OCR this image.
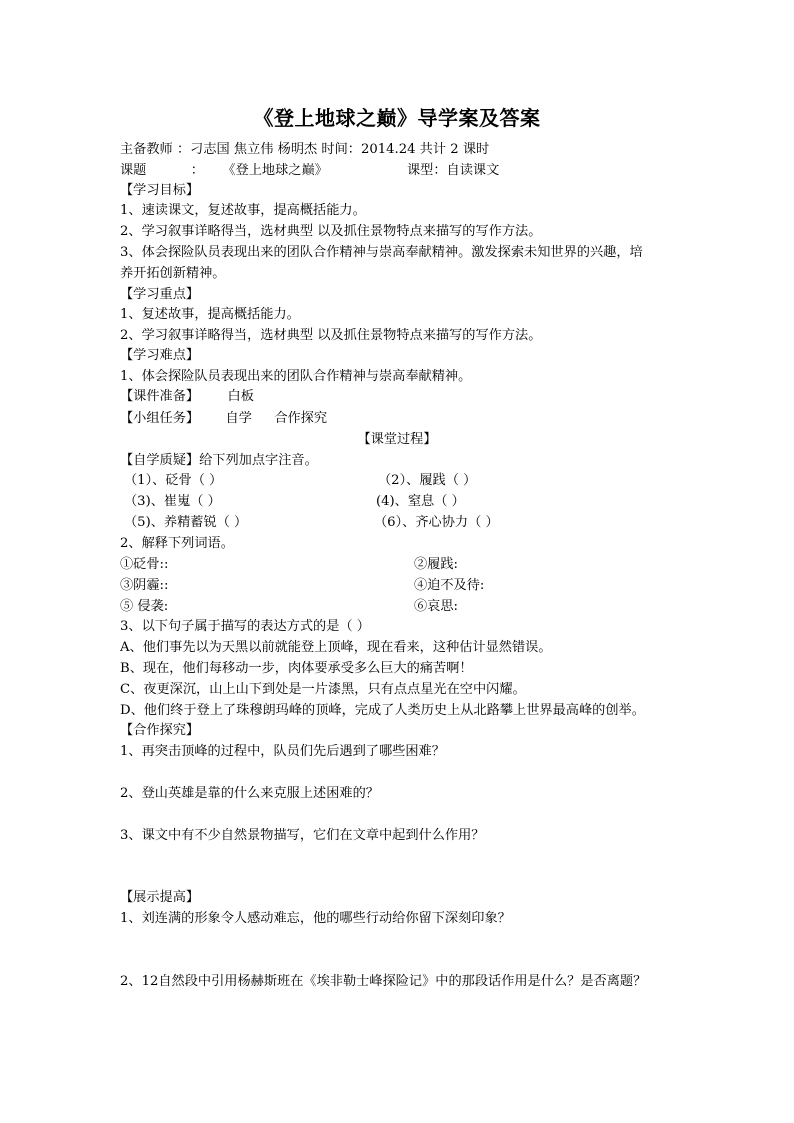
《登上地球之巅》导学案及答案
主备教师 ：刁志国 焦立伟 杨明杰 时间：2014.24 共计 2 课时
课题	： 《登上地球之巅》	课型：自读课文
【学习目标】
1、速读课文，复述故事，提高概括能力。
2、学习叙事详略得当，选材典型 以及抓住景物特点来描写的写作方法。
3、体会探险队员表现出来的团队合作精神与崇高奉献精神。激发探索未知世界的兴趣，培
养开拓创新精神。
【学习重点】
1、复述故事，提高概括能力。
2、学习叙事详略得当，选材典型 以及抓住景物特点来描写的写作方法。
【学习难点】
1、体会探险队员表现出来的团队合作精神与崇高奉献精神。
【课件准备】 白板
【小组任务】 自学 合作探究
【课堂过程】
【自学质疑】给下列加点字注音。
（1）、砭骨（ ）	（2）、履践（ ）
（3)、崔嵬（ ）	(4)、窒息（ ）
（5)、养精蓄锐（ ）	（6）、齐心协力（ ）
2、解释下列词语。
①砭骨::	②履践:
③阴霾::	④迫不及待:
⑤ 侵袭:	⑥哀思:
3、以下句子属于描写的表达方式的是（ ）
A、他们事先以为天黑以前就能登上顶峰，现在看来，这种估计显然错误。
B、现在，他们每移动一步，肉体要承受多么巨大的痛苦啊！
C、夜更深沉，山上山下到处是一片漆黑，只有点点星光在空中闪耀。
D、他们终于登上了珠穆朗玛峰的顶峰，完成了人类历史上从北路攀上世界最高峰的创举。
【合作探究】
1、再突击顶峰的过程中，队员们先后遇到了哪些困难？
2、登山英雄是靠的什么来克服上述困难的？
3、课文中有不少自然景物描写，它们在文章中起到什么作用？
【展示提高】
1、刘连满的形象令人感动难忘，他的哪些行动给你留下深刻印象？
2、12自然段中引用杨赫斯班在《埃非勒士峰探险记》中的那段话作用是什么？是否离题？
